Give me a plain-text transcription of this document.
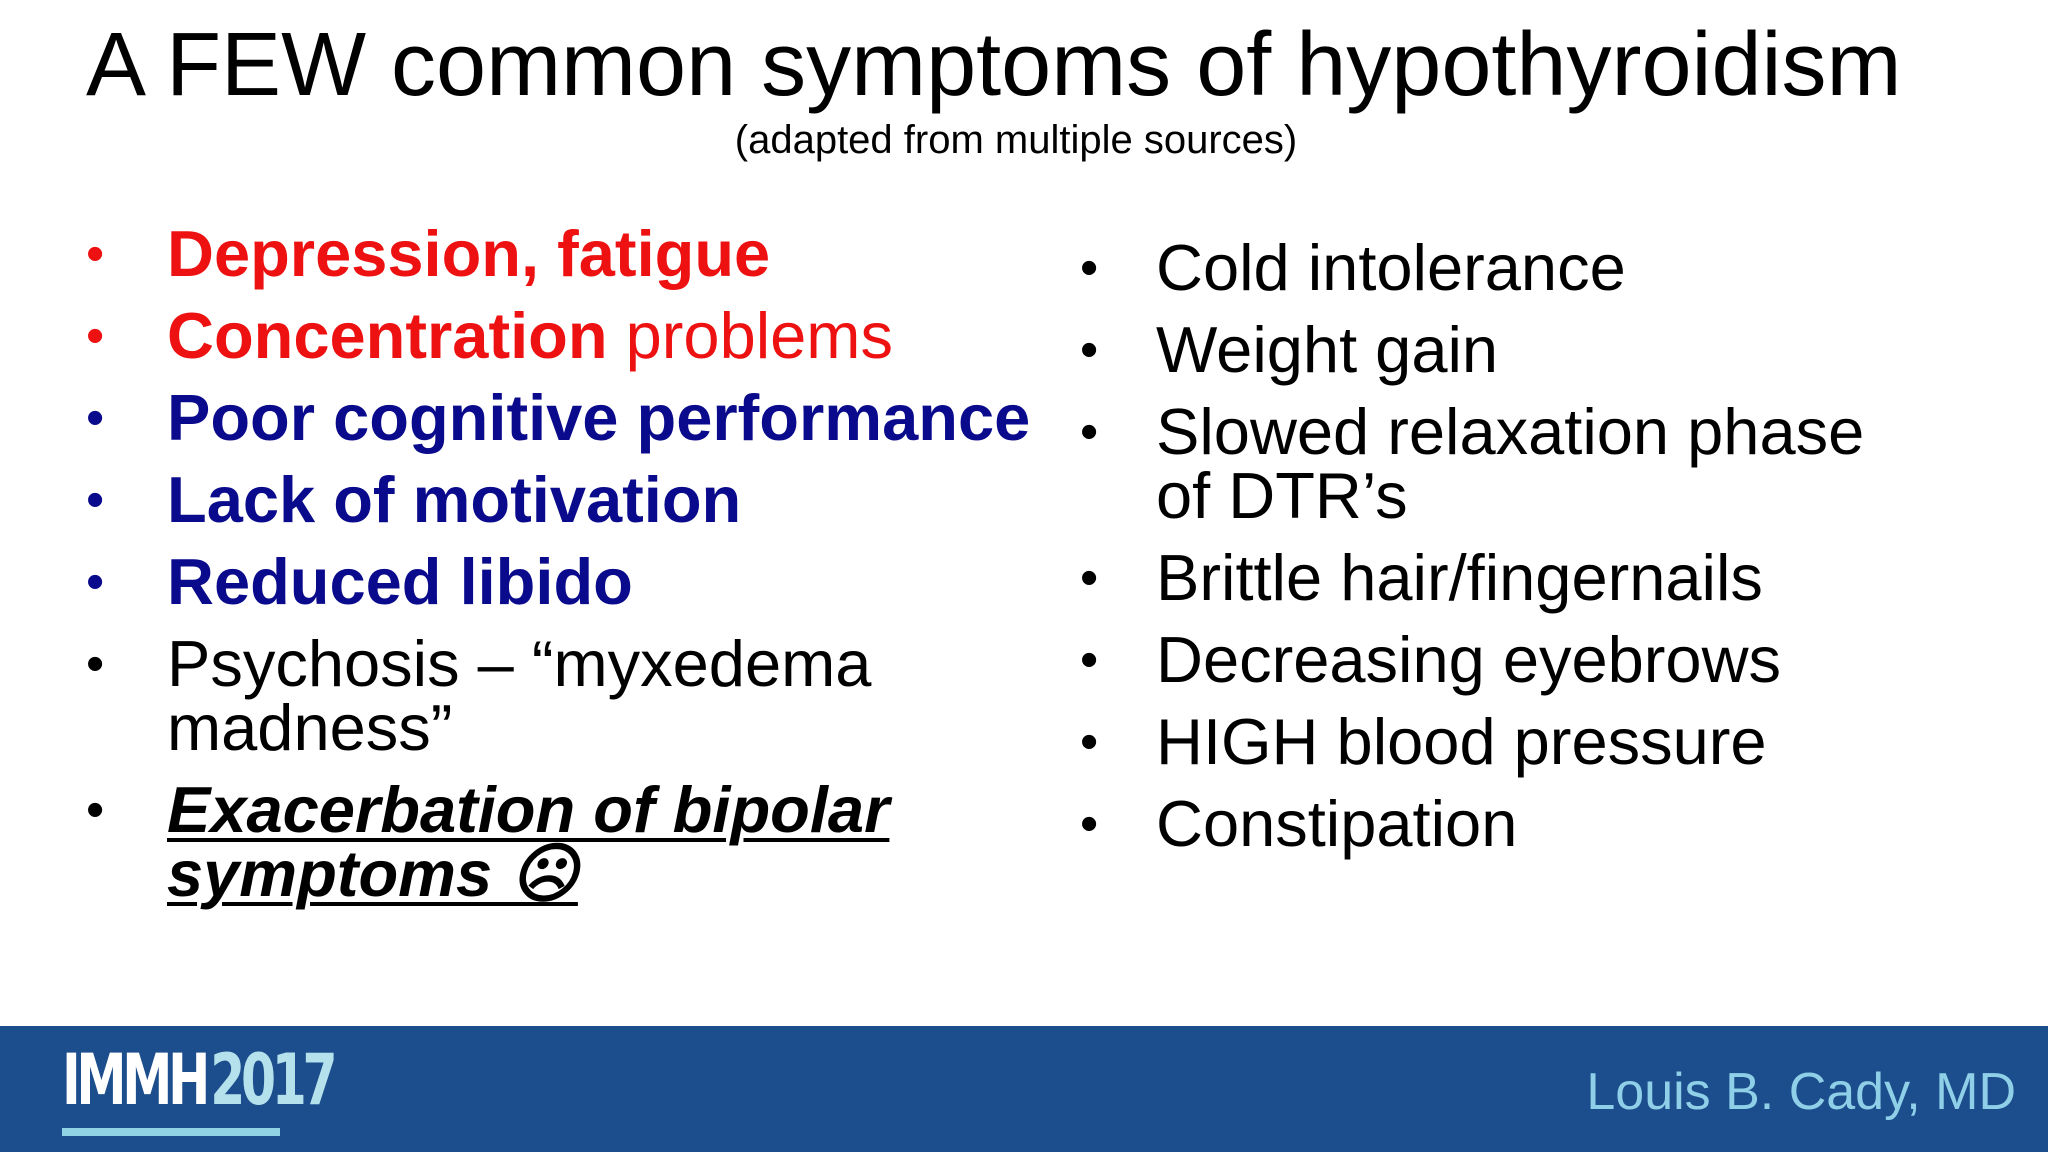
A FEW common symptoms of hypothyroidism
(adapted from multiple sources)
• Depression, fatigue
• Concentration problems
• Poor cognitive performance
• Lack of motivation
• Reduced libido
• Psychosis – “myxedema
madness”
• Exacerbation of bipolar
symptoms ☹
• Cold intolerance
• Weight gain
• Slowed relaxation phase
of DTR’s
• Brittle hair/fingernails
• Decreasing eyebrows
• HIGH blood pressure
• Constipation
IMMH 2017	Louis B. Cady, MD
